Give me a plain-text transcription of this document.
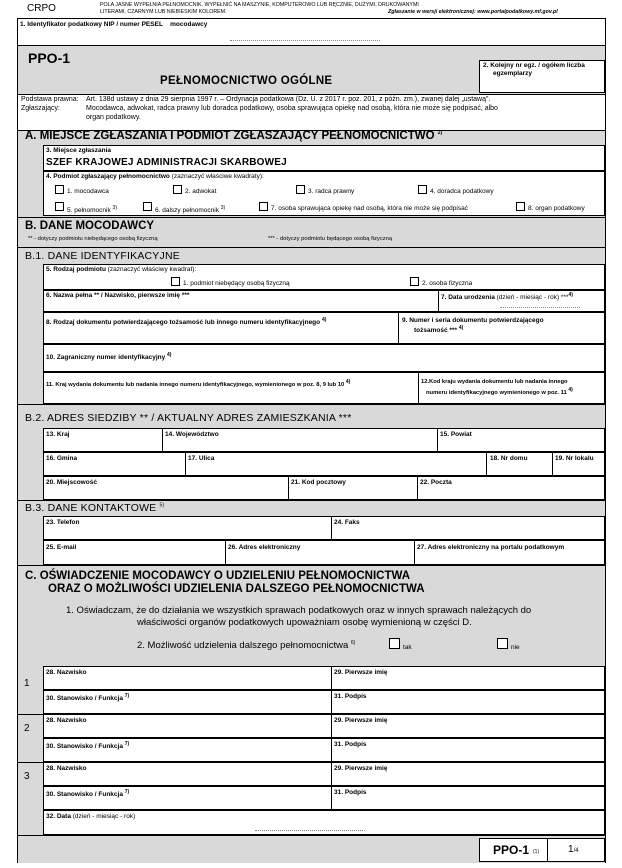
CRPO	POLA JASNE WYPEŁNIA PEŁNOMOCNIK. WYPEŁNIĆ NA MASZYNIE, KOMPUTEROWO LUB RĘCZNIE, DUŻYMI, DRUKOWANYMI
LITERAMI, CZARNYM LUB NIEBIESKIM KOLOREM.	Zgłaszanie w wersji elektronicznej: www.portalpodatkowy.mf.gov.pl
1. Identyfikator podatkowy NIP / numer PESEL mocodawcy
PPO-1	2. Kolejny nr egz. / ogółem liczba
egzemplarzy
PEŁNOMOCNICTWO OGÓLNE
Podstawa prawna: Art. 138d ustawy z dnia 29 sierpnia 1997 r. – Ordynacja podatkowa (Dz. U. z 2017 r. poz. 201, z późn. zm.), zwanej dalej „ustawą”.
Zgłaszający:	Mocodawca, adwokat, radca prawny lub doradca podatkowy, osoba sprawująca opiekę nad osobą, która nie może się podpisać, albo
organ podatkowy.
A. MIEJSCE ZGŁASZANIA I PODMIOT ZGŁASZAJĄCY PEŁNOMOCNICTWO $^{2)}$
3. Miejsce zgłaszania
SZEF KRAJOWEJ ADMINISTRACJI SKARBOWEJ
4. Podmiot zgłaszający pełnomocnictwo (zaznaczyć właściwe kwadraty):
1. mocodawca	2. adwokat	3. radca prawny	4. doradca podatkowy
5. pełnomocnik $^{3)}$	6. dalszy pełnomocnik $^{3)}$	7. osoba sprawująca opiekę nad osobą, która nie może się podpisać	8. organ podatkowy
B. DANE MOCODAWCY
** - dotyczy podmiotu niebędącego osobą fizyczną	*** - dotyczy podmiotu będącego osobą fizyczną
B.1. DANE IDENTYFIKACYJNE
5. Rodzaj podmiotu (zaznaczyć właściwy kwadrat):
1. podmiot niebędący osobą fizyczną	2. osoba fizyczna
6. Nazwa pełna ** / Nazwisko, pierwsze imię ***	7. Data urodzenia (dzień - miesiąc - rok) ***$^{4)}$
8. Rodzaj dokumentu potwierdzającego tożsamość lub innego numeru identyfikacyjnego $^{4)}$	9. Numer i seria dokumentu potwierdzającego
tożsamość *** $^{4)}$
10. Zagraniczny numer identyfikacyjny $^{4)}$
11. Kraj wydania dokumentu lub nadania innego numeru identyfikacyjnego, wymienionego w poz. 8, 9 lub 10 4)	12.Kod kraju wydania dokumentu lub nadania innego
numeru identyfikacyjnego wymienionego w poz. 11 4)
B.2. ADRES SIEDZIBY ** / AKTUALNY ADRES ZAMIESZKANIA ***
13. Kraj	14. Województwo	15. Powiat
16. Gmina	17. Ulica	18. Nr domu	19. Nr lokalu
20. Miejscowość	21. Kod pocztowy	22. Poczta
B.3. DANE KONTAKTOWE $^{5)}$
23. Telefon	24. Faks
25. E-mail	26. Adres elektroniczny	27. Adres elektroniczny na portalu podatkowym
C. OŚWIADCZENIE MOCODAWCY O UDZIELENIU PEŁNOMOCNICTWA
ORAZ O MOŻLIWOŚCI UDZIELENIA DALSZEGO PEŁNOMOCNICTWA
1. Oświadczam, że do działania we wszystkich sprawach podatkowych oraz w innych sprawach należących do
właściwości organów podatkowych upoważniam osobę wymienioną w części D.
2. Możliwość udzielenia dalszego pełnomocnictwa $^{6)}$
tak	nie
1
28. Nazwisko	29. Pierwsze imię
30. Stanowisko / Funkcja $^{7)}$	31. Podpis
2
28. Nazwisko	29. Pierwsze imię
30. Stanowisko / Funkcja $^{7)}$	31. Podpis
3
28. Nazwisko	29. Pierwsze imię
30. Stanowisko / Funkcja $^{7)}$	31. Podpis
32. Data (dzień - miesiąc - rok)
PPO-1 (1)	1/4
